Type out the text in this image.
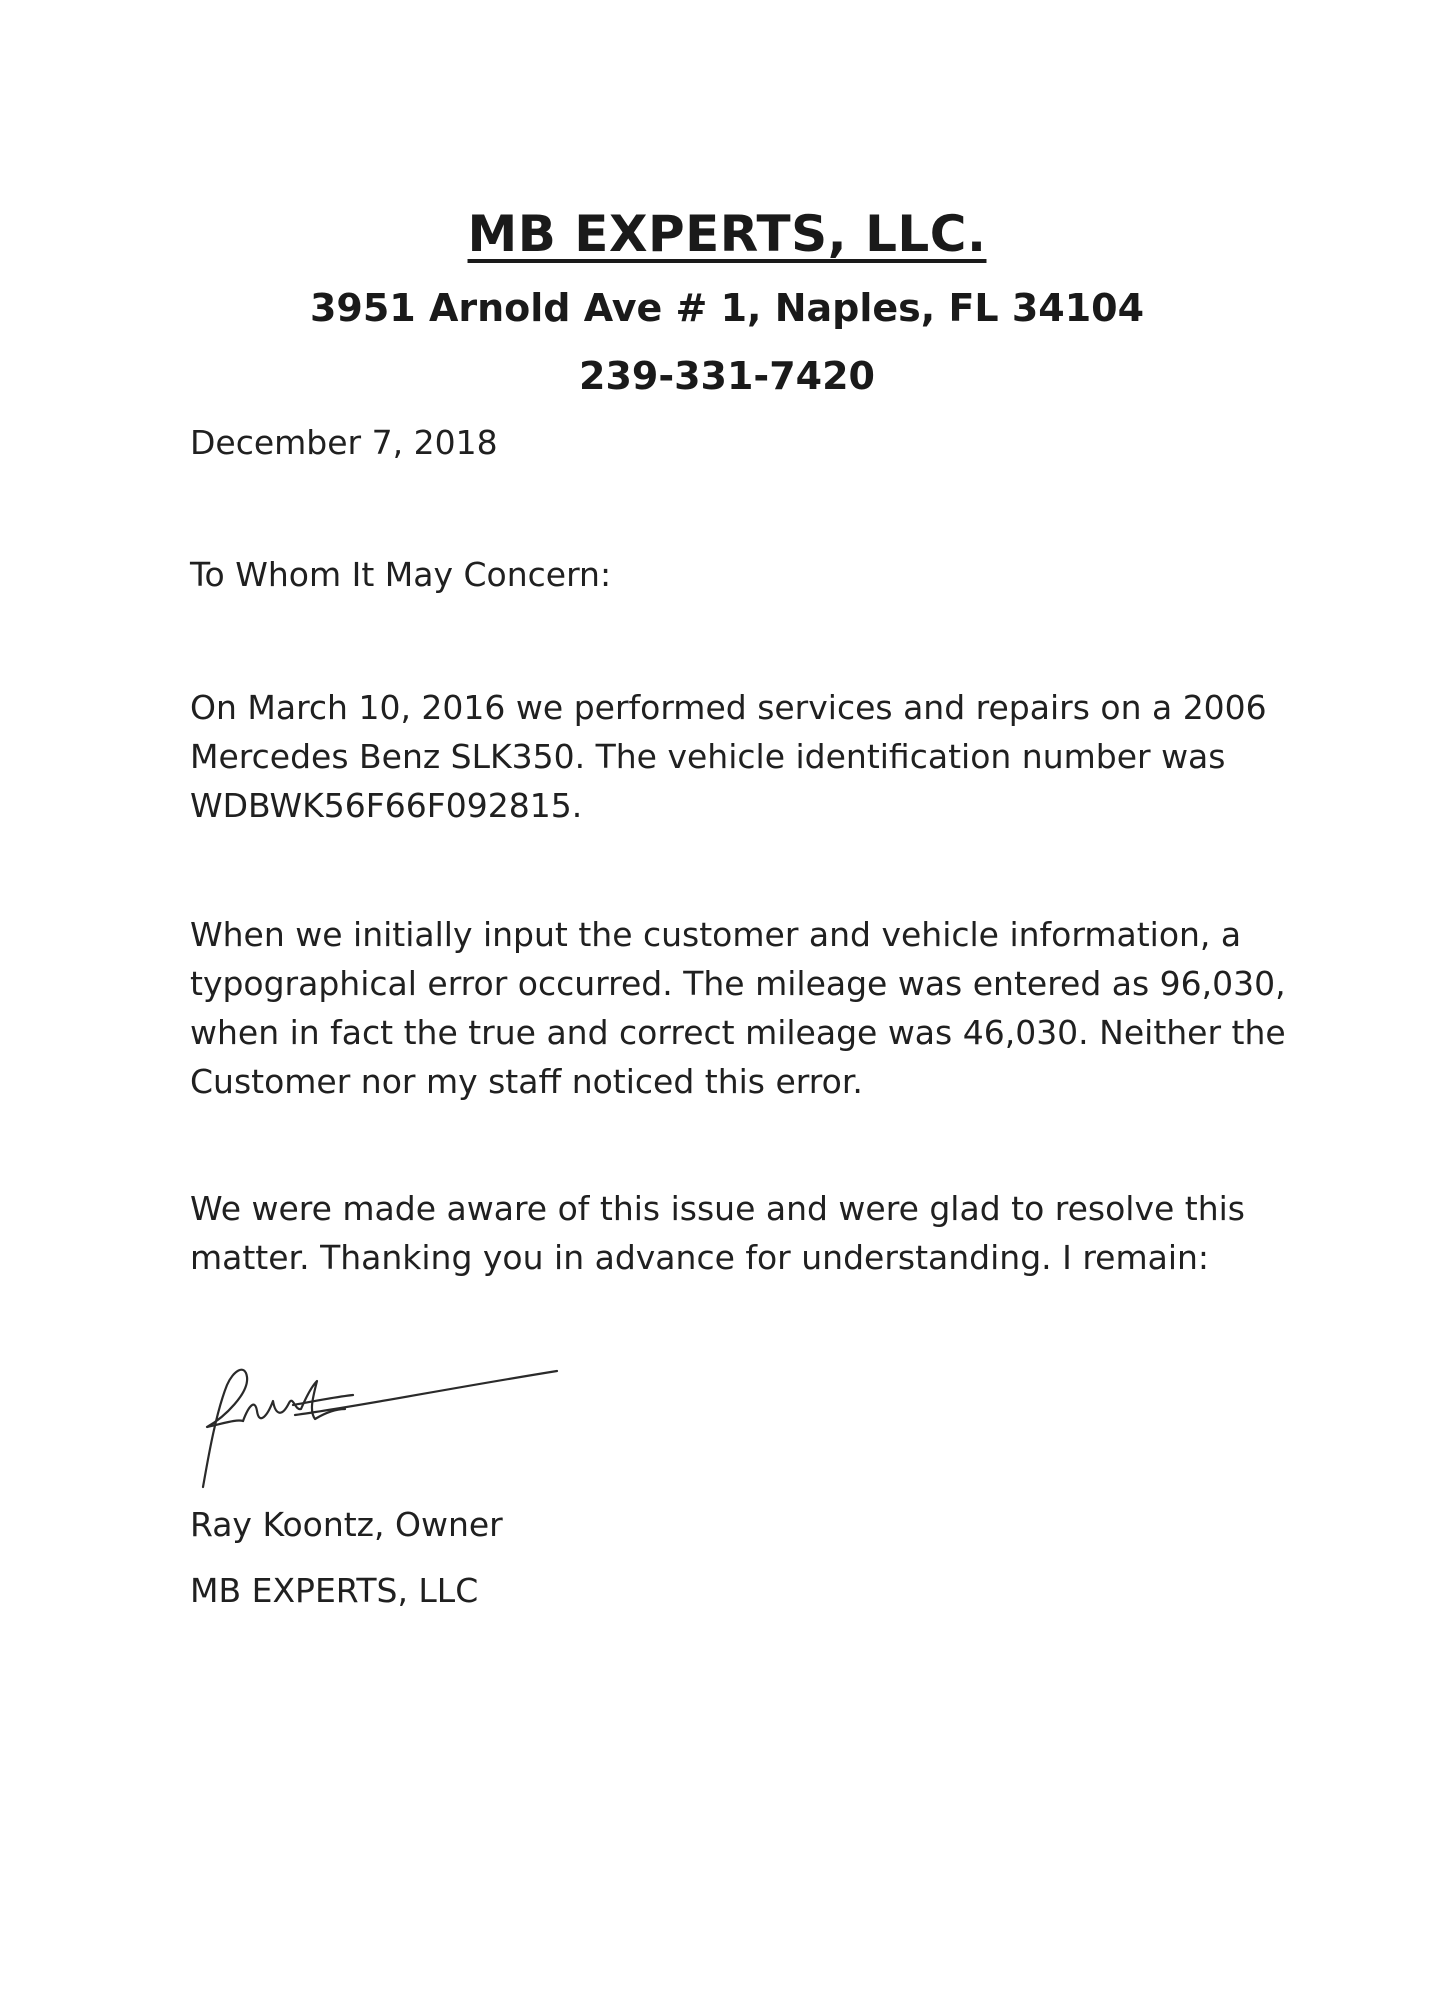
MB EXPERTS, LLC.
3951 Arnold Ave # 1, Naples, FL 34104
239-331-7420
December 7, 2018
To Whom It May Concern:
On March 10, 2016 we performed services and repairs on a 2006
Mercedes Benz SLK350. The vehicle identification number was
WDBWK56F66F092815.
When we initially input the customer and vehicle information, a
typographical error occurred. The mileage was entered as 96,030,
when in fact the true and correct mileage was 46,030. Neither the
Customer nor my staff noticed this error.
We were made aware of this issue and were glad to resolve this
matter. Thanking you in advance for understanding. I remain:
Ray Koontz, Owner
MB EXPERTS, LLC
